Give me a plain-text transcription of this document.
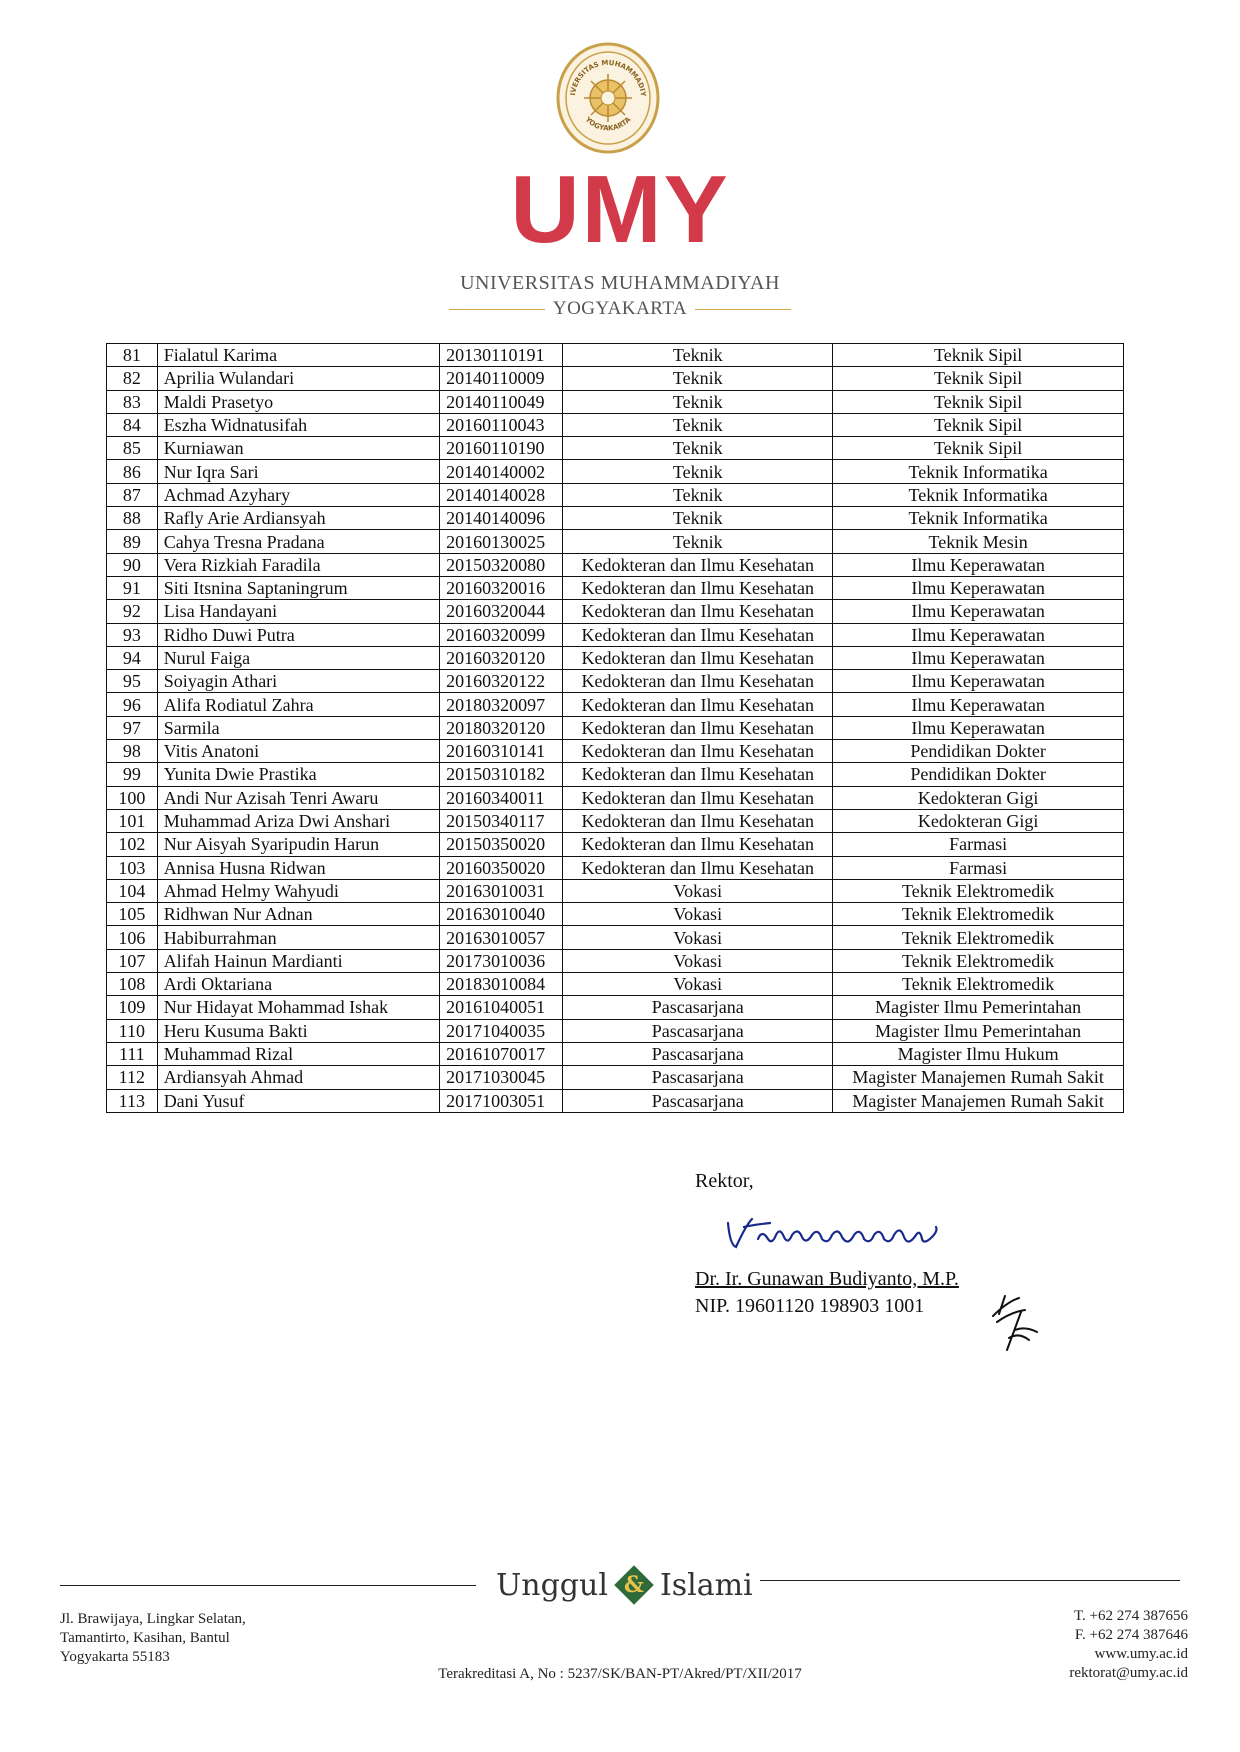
IVERSITAS MUHAMMADIY
YOGYAKARTA
UMY
UNIVERSITAS MUHAMMADIYAH
YOGYAKARTA
81	Fialatul Karima	20130110191	Teknik	Teknik Sipil
82	Aprilia Wulandari	20140110009	Teknik	Teknik Sipil
83	Maldi Prasetyo	20140110049	Teknik	Teknik Sipil
84	Eszha Widnatusifah	20160110043	Teknik	Teknik Sipil
85	Kurniawan	20160110190	Teknik	Teknik Sipil
86	Nur Iqra Sari	20140140002	Teknik	Teknik Informatika
87	Achmad Azyhary	20140140028	Teknik	Teknik Informatika
88	Rafly Arie Ardiansyah	20140140096	Teknik	Teknik Informatika
89	Cahya Tresna Pradana	20160130025	Teknik	Teknik Mesin
90	Vera Rizkiah Faradila	20150320080	Kedokteran dan Ilmu Kesehatan	Ilmu Keperawatan
91	Siti Itsnina Saptaningrum	20160320016	Kedokteran dan Ilmu Kesehatan	Ilmu Keperawatan
92	Lisa Handayani	20160320044	Kedokteran dan Ilmu Kesehatan	Ilmu Keperawatan
93	Ridho Duwi Putra	20160320099	Kedokteran dan Ilmu Kesehatan	Ilmu Keperawatan
94	Nurul Faiga	20160320120	Kedokteran dan Ilmu Kesehatan	Ilmu Keperawatan
95	Soiyagin Athari	20160320122	Kedokteran dan Ilmu Kesehatan	Ilmu Keperawatan
96	Alifa Rodiatul Zahra	20180320097	Kedokteran dan Ilmu Kesehatan	Ilmu Keperawatan
97	Sarmila	20180320120	Kedokteran dan Ilmu Kesehatan	Ilmu Keperawatan
98	Vitis Anatoni	20160310141	Kedokteran dan Ilmu Kesehatan	Pendidikan Dokter
99	Yunita Dwie Prastika	20150310182	Kedokteran dan Ilmu Kesehatan	Pendidikan Dokter
100	Andi Nur Azisah Tenri Awaru	20160340011	Kedokteran dan Ilmu Kesehatan	Kedokteran Gigi
101	Muhammad Ariza Dwi Anshari	20150340117	Kedokteran dan Ilmu Kesehatan	Kedokteran Gigi
102	Nur Aisyah Syaripudin Harun	20150350020	Kedokteran dan Ilmu Kesehatan	Farmasi
103	Annisa Husna Ridwan	20160350020	Kedokteran dan Ilmu Kesehatan	Farmasi
104	Ahmad Helmy Wahyudi	20163010031	Vokasi	Teknik Elektromedik
105	Ridhwan Nur Adnan	20163010040	Vokasi	Teknik Elektromedik
106	Habiburrahman	20163010057	Vokasi	Teknik Elektromedik
107	Alifah Hainun Mardianti	20173010036	Vokasi	Teknik Elektromedik
108	Ardi Oktariana	20183010084	Vokasi	Teknik Elektromedik
109	Nur Hidayat Mohammad Ishak	20161040051	Pascasarjana	Magister Ilmu Pemerintahan
110	Heru Kusuma Bakti	20171040035	Pascasarjana	Magister Ilmu Pemerintahan
111	Muhammad Rizal	20161070017	Pascasarjana	Magister Ilmu Hukum
112	Ardiansyah Ahmad	20171030045	Pascasarjana	Magister Manajemen Rumah Sakit
113	Dani Yusuf	20171003051	Pascasarjana	Magister Manajemen Rumah Sakit
Rektor,
Dr. Ir. Gunawan Budiyanto, M.P.
NIP. 19601120 198903 1001
Unggul & Islami
Jl. Brawijaya, Lingkar Selatan,
Tamantirto, Kasihan, Bantul
Yogyakarta 55183
T. +62 274 387656
F. +62 274 387646
www.umy.ac.id
rektorat@umy.ac.id
Terakreditasi A, No : 5237/SK/BAN-PT/Akred/PT/XII/2017
